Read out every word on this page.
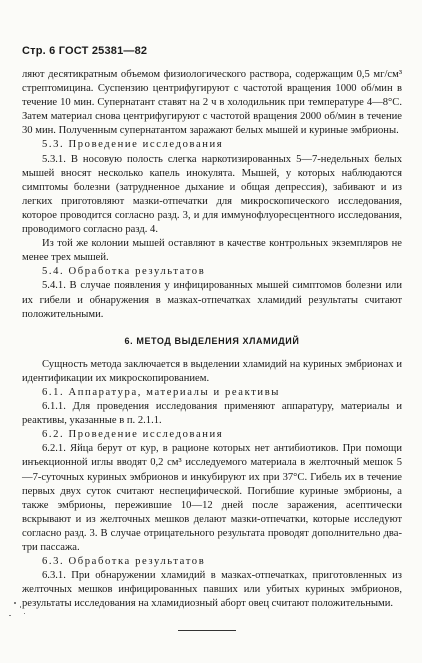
Стр. 6 ГОСТ 25381—82

ляют десятикратным объемом физиологического раствора, содержащим 0,5 мг/см³ стрептомицина. Суспензию центрифугируют с частотой вращения 1000 об/мин в течение 10 мин. Супернатант ставят на 2 ч в холодильник при температуре 4—8°С. Затем материал снова центрифугируют с частотой вращения 2000 об/мин в течение 30 мин. Полученным супернатантом заражают белых мышей и куриные эмбрионы.

5.3. Проведение исследования

5.3.1. В носовую полость слегка наркотизированных 5—7-недельных белых мышей вносят несколько капель инокулята. Мышей, у которых наблюдаются симптомы болезни (затрудненное дыхание и общая депрессия), забивают и из легких приготовляют мазки-отпечатки для микроскопического исследования, которое проводится согласно разд. 3, и для иммунофлуоресцентного исследования, проводимого согласно разд. 4.

Из той же колонии мышей оставляют в качестве контрольных экземпляров не менее трех мышей.

5.4. Обработка результатов

5.4.1. В случае появления у инфицированных мышей симптомов болезни или их гибели и обнаружения в мазках-отпечатках хламидий результаты считают положительными.

6. МЕТОД ВЫДЕЛЕНИЯ ХЛАМИДИЙ

Сущность метода заключается в выделении хламидий на куриных эмбрионах и идентификации их микроскопированием.

6.1. Аппаратура, материалы и реактивы

6.1.1. Для проведения исследования применяют аппаратуру, материалы и реактивы, указанные в п. 2.1.1.

6.2. Проведение исследования

6.2.1. Яйца берут от кур, в рационе которых нет антибиотиков. При помощи инъекционной иглы вводят 0,2 см³ исследуемого материала в желточный мешок 5—7-суточных куриных эмбрионов и инкубируют их при 37°С. Гибель их в течение первых двух суток считают неспецифической. Погибшие куриные эмбрионы, а также эмбрионы, пережившие 10—12 дней после заражения, асептически вскрывают и из желточных мешков делают мазки-отпечатки, которые исследуют согласно разд. 3. В случае отрицательного результата проводят дополнительно два-три пассажа.

6.3. Обработка результатов

6.3.1. При обнаружении хламидий в мазках-отпечатках, приготовленных из желточных мешков инфицированных павших или убитых куриных эмбрионов, результаты исследования на хламидиозный аборт овец считают положительными.
